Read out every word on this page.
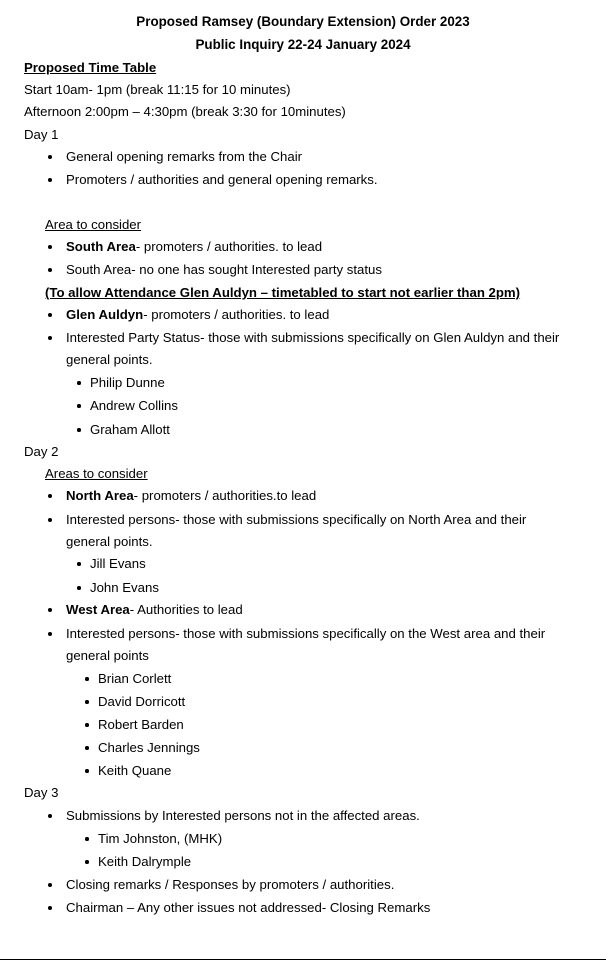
Proposed Ramsey (Boundary Extension) Order 2023
Public Inquiry 22-24 January 2024
Proposed Time Table
Start 10am- 1pm (break 11:15 for 10 minutes)
Afternoon 2:00pm – 4:30pm (break 3:30 for 10minutes)
Day 1
General opening remarks from the Chair
Promoters / authorities and general opening remarks.
Area to consider
South Area- promoters / authorities. to lead
South Area- no one has sought Interested party status
(To allow Attendance Glen Auldyn – timetabled to start not earlier than 2pm)
Glen Auldyn- promoters / authorities. to lead
Interested Party Status- those with submissions specifically on Glen Auldyn and their
general points.
Philip Dunne
Andrew Collins
Graham Allott
Day 2
Areas to consider
North Area- promoters / authorities.to lead
Interested persons- those with submissions specifically on North Area and their
general points.
Jill Evans
John Evans
West Area- Authorities to lead
Interested persons- those with submissions specifically on the West area and their
general points
Brian Corlett
David Dorricott
Robert Barden
Charles Jennings
Keith Quane
Day 3
Submissions by Interested persons not in the affected areas.
Tim Johnston, (MHK)
Keith Dalrymple
Closing remarks / Responses by promoters / authorities.
Chairman – Any other issues not addressed- Closing Remarks
